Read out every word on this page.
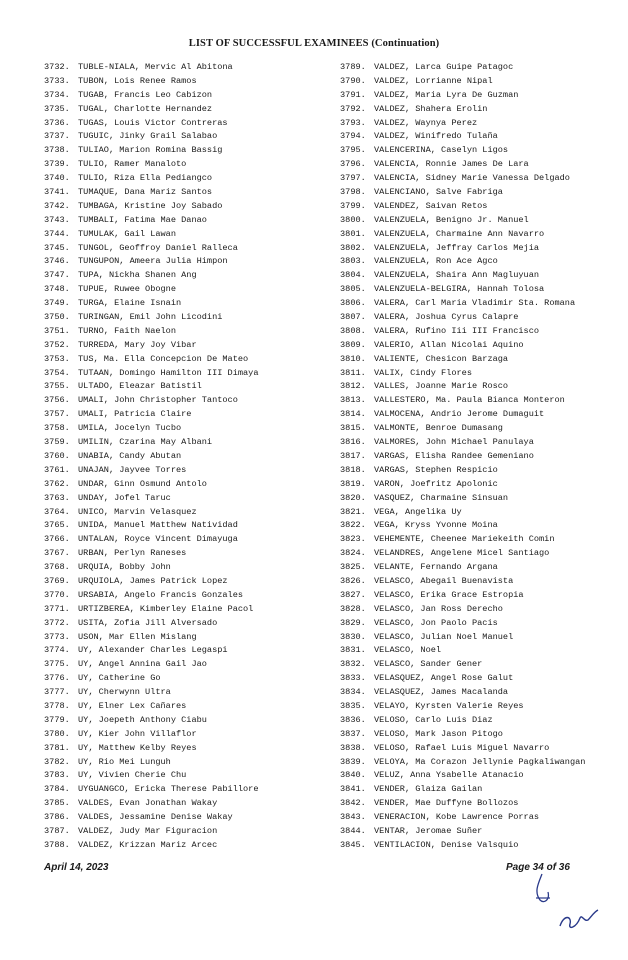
LIST OF SUCCESSFUL EXAMINEES (Continuation)
3732. TUBLE-NIALA, Mervic Al Abitona
3733. TUBON, Lois Renee Ramos
3734. TUGAB, Francis Leo Cabizon
3735. TUGAL, Charlotte Hernandez
3736. TUGAS, Louis Victor Contreras
3737. TUGUIC, Jinky Grail Salabao
3738. TULIAO, Marion Romina Bassig
3739. TULIO, Ramer Manaloto
3740. TULIO, Riza Ella Pediangco
3741. TUMAQUE, Dana Mariz Santos
3742. TUMBAGA, Kristine Joy Sabado
3743. TUMBALI, Fatima Mae Danao
3744. TUMULAK, Gail Lawan
3745. TUNGOL, Geoffroy Daniel Ralleca
3746. TUNGUPON, Ameera Julia Himpon
3747. TUPA, Nickha Shanen Ang
3748. TUPUE, Ruwee Obogne
3749. TURGA, Elaine Isnain
3750. TURINGAN, Emil John Licodini
3751. TURNO, Faith Naelon
3752. TURREDA, Mary Joy Vibar
3753. TUS, Ma. Ella Concepcion De Mateo
3754. TUTAAN, Domingo Hamilton III Dimaya
3755. ULTADO, Eleazar Batistil
3756. UMALI, John Christopher Tantoco
3757. UMALI, Patricia Claire
3758. UMILA, Jocelyn Tucbo
3759. UMILIN, Czarina May Albani
3760. UNABIA, Candy Abutan
3761. UNAJAN, Jayvee Torres
3762. UNDAR, Ginn Osmund Antolo
3763. UNDAY, Jofel Taruc
3764. UNICO, Marvin Velasquez
3765. UNIDA, Manuel Matthew Natividad
3766. UNTALAN, Royce Vincent Dimayuga
3767. URBAN, Perlyn Raneses
3768. URQUIA, Bobby John
3769. URQUIOLA, James Patrick Lopez
3770. URSABIA, Angelo Francis Gonzales
3771. URTIZBEREA, Kimberley Elaine Pacol
3772. USITA, Zofia Jill Alversado
3773. USON, Mar Ellen Mislang
3774. UY, Alexander Charles Legaspi
3775. UY, Angel Annina Gail Jao
3776. UY, Catherine Go
3777. UY, Cherwynn Ultra
3778. UY, Elner Lex Cañares
3779. UY, Joepeth Anthony Ciabu
3780. UY, Kier John Villaflor
3781. UY, Matthew Kelby Reyes
3782. UY, Rio Mei Lunguh
3783. UY, Vivien Cherie Chu
3784. UYGUANGCO, Ericka Therese Pabillore
3785. VALDES, Evan Jonathan Wakay
3786. VALDES, Jessamine Denise Wakay
3787. VALDEZ, Judy Mar Figuracion
3788. VALDEZ, Krizzan Mariz Arcec
3789. VALDEZ, Larca Guipe Patagoc
3790. VALDEZ, Lorrianne Nipal
3791. VALDEZ, Maria Lyra De Guzman
3792. VALDEZ, Shahera Erolin
3793. VALDEZ, Waynya Perez
3794. VALDEZ, Winifredo Tulaña
3795. VALENCERINA, Caselyn Ligos
3796. VALENCIA, Ronnie James De Lara
3797. VALENCIA, Sidney Marie Vanessa Delgado
3798. VALENCIANO, Salve Fabriga
3799. VALENDEZ, Saivan Retos
3800. VALENZUELA, Benigno Jr. Manuel
3801. VALENZUELA, Charmaine Ann Navarro
3802. VALENZUELA, Jeffray Carlos Mejia
3803. VALENZUELA, Ron Ace Agco
3804. VALENZUELA, Shaira Ann Magluyuan
3805. VALENZUELA-BELGIRA, Hannah Tolosa
3806. VALERA, Carl Maria Vladimir Sta. Romana
3807. VALERA, Joshua Cyrus Calapre
3808. VALERA, Rufino Iii III Francisco
3809. VALERIO, Allan Nicolai Aquino
3810. VALIENTE, Chesicon Barzaga
3811. VALIX, Cindy Flores
3812. VALLES, Joanne Marie Rosco
3813. VALLESTERO, Ma. Paula Bianca Monteron
3814. VALMOCENA, Andrio Jerome Dumaguit
3815. VALMONTE, Benroe Dumasang
3816. VALMORES, John Michael Panulaya
3817. VARGAS, Elisha Randee Gemeniano
3818. VARGAS, Stephen Respicio
3819. VARON, Joefritz Apolonic
3820. VASQUEZ, Charmaine Sinsuan
3821. VEGA, Angelika Uy
3822. VEGA, Kryss Yvonne Moina
3823. VEHEMENTE, Cheenee Mariekeith Comin
3824. VELANDRES, Angelene Micel Santiago
3825. VELANTE, Fernando Argana
3826. VELASCO, Abegail Buenavista
3827. VELASCO, Erika Grace Estropia
3828. VELASCO, Jan Ross Derecho
3829. VELASCO, Jon Paolo Pacis
3830. VELASCO, Julian Noel Manuel
3831. VELASCO, Noel
3832. VELASCO, Sander Gener
3833. VELASQUEZ, Angel Rose Galut
3834. VELASQUEZ, James Macalanda
3835. VELAYO, Kyrsten Valerie Reyes
3836. VELOSO, Carlo Luis Diaz
3837. VELOSO, Mark Jason Pitogo
3838. VELOSO, Rafael Luis Miguel Navarro
3839. VELOYA, Ma Corazon Jellynie Pagkaliwangan
3840. VELUZ, Anna Ysabelle Atanacio
3841. VENDER, Glaiza Gailan
3842. VENDER, Mae Duffyne Bollozos
3843. VENERACION, Kobe Lawrence Porras
3844. VENTAR, Jeromae Suñer
3845. VENTILACION, Denise Valsquio
April 14, 2023	Page 34 of 36
